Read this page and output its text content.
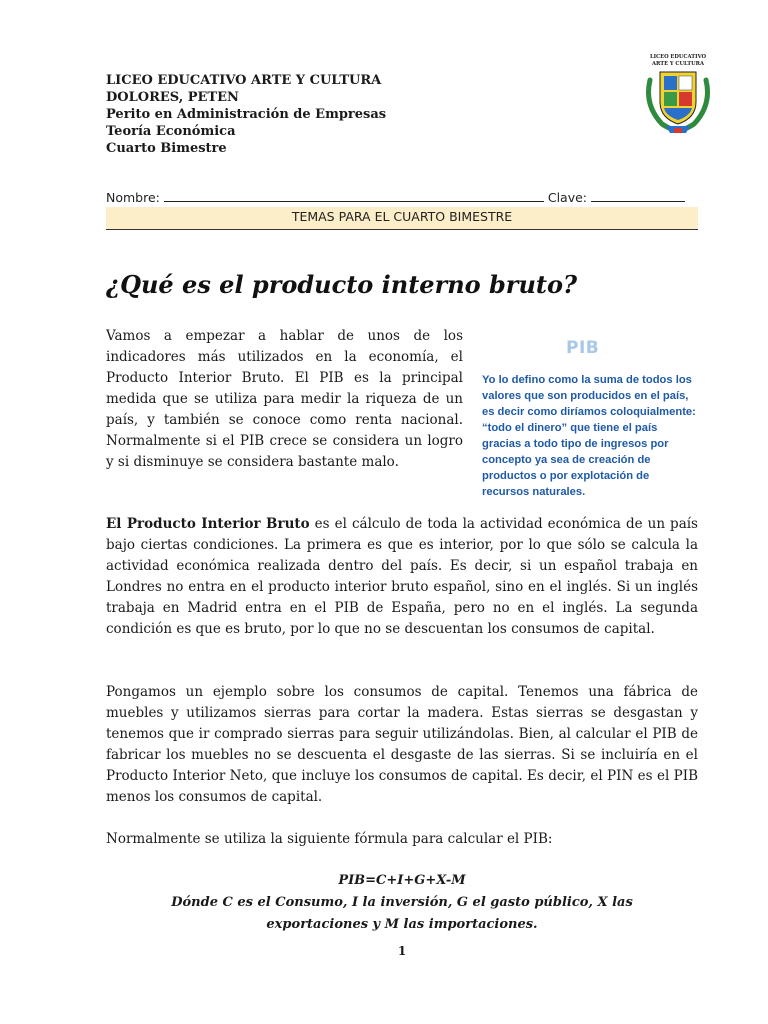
LICEO EDUCATIVO ARTE Y CULTURA
DOLORES, PETEN
Perito en Administración de Empresas
Teoría Económica
Cuarto Bimestre
LICEO EDUCATIVO
ARTE Y CULTURA
Nombre:	Clave:
TEMAS PARA EL CUARTO BIMESTRE
¿Qué es el producto interno bruto?
Vamos a empezar a hablar de unos de los indicadores más utilizados en la economía, el Producto Interior Bruto. El PIB es la principal medida que se utiliza para medir la riqueza de un país, y también se conoce como renta nacional. Normalmente si el PIB crece se considera un logro y si disminuye se considera bastante malo.
PIB
Yo lo defino como la suma de todos los valores que son producidos en el país, es decir como diríamos coloquialmente: “todo el dinero” que tiene el país gracias a todo tipo de ingresos por concepto ya sea de creación de productos o por explotación de recursos naturales.
El Producto Interior Bruto es el cálculo de toda la actividad económica de un país bajo ciertas condiciones. La primera es que es interior, por lo que sólo se calcula la actividad económica realizada dentro del país. Es decir, si un español trabaja en Londres no entra en el producto interior bruto español, sino en el inglés. Si un inglés trabaja en Madrid entra en el PIB de España, pero no en el inglés. La segunda condición es que es bruto, por lo que no se descuentan los consumos de capital.
Pongamos un ejemplo sobre los consumos de capital. Tenemos una fábrica de muebles y utilizamos sierras para cortar la madera. Estas sierras se desgastan y tenemos que ir comprado sierras para seguir utilizándolas. Bien, al calcular el PIB de fabricar los muebles no se descuenta el desgaste de las sierras. Si se incluiría en el Producto Interior Neto, que incluye los consumos de capital. Es decir, el PIN es el PIB menos los consumos de capital.
Normalmente se utiliza la siguiente fórmula para calcular el PIB:
PIB=C+I+G+X-M
Dónde C es el Consumo, I la inversión, G el gasto público, X las
exportaciones y M las importaciones.
1
